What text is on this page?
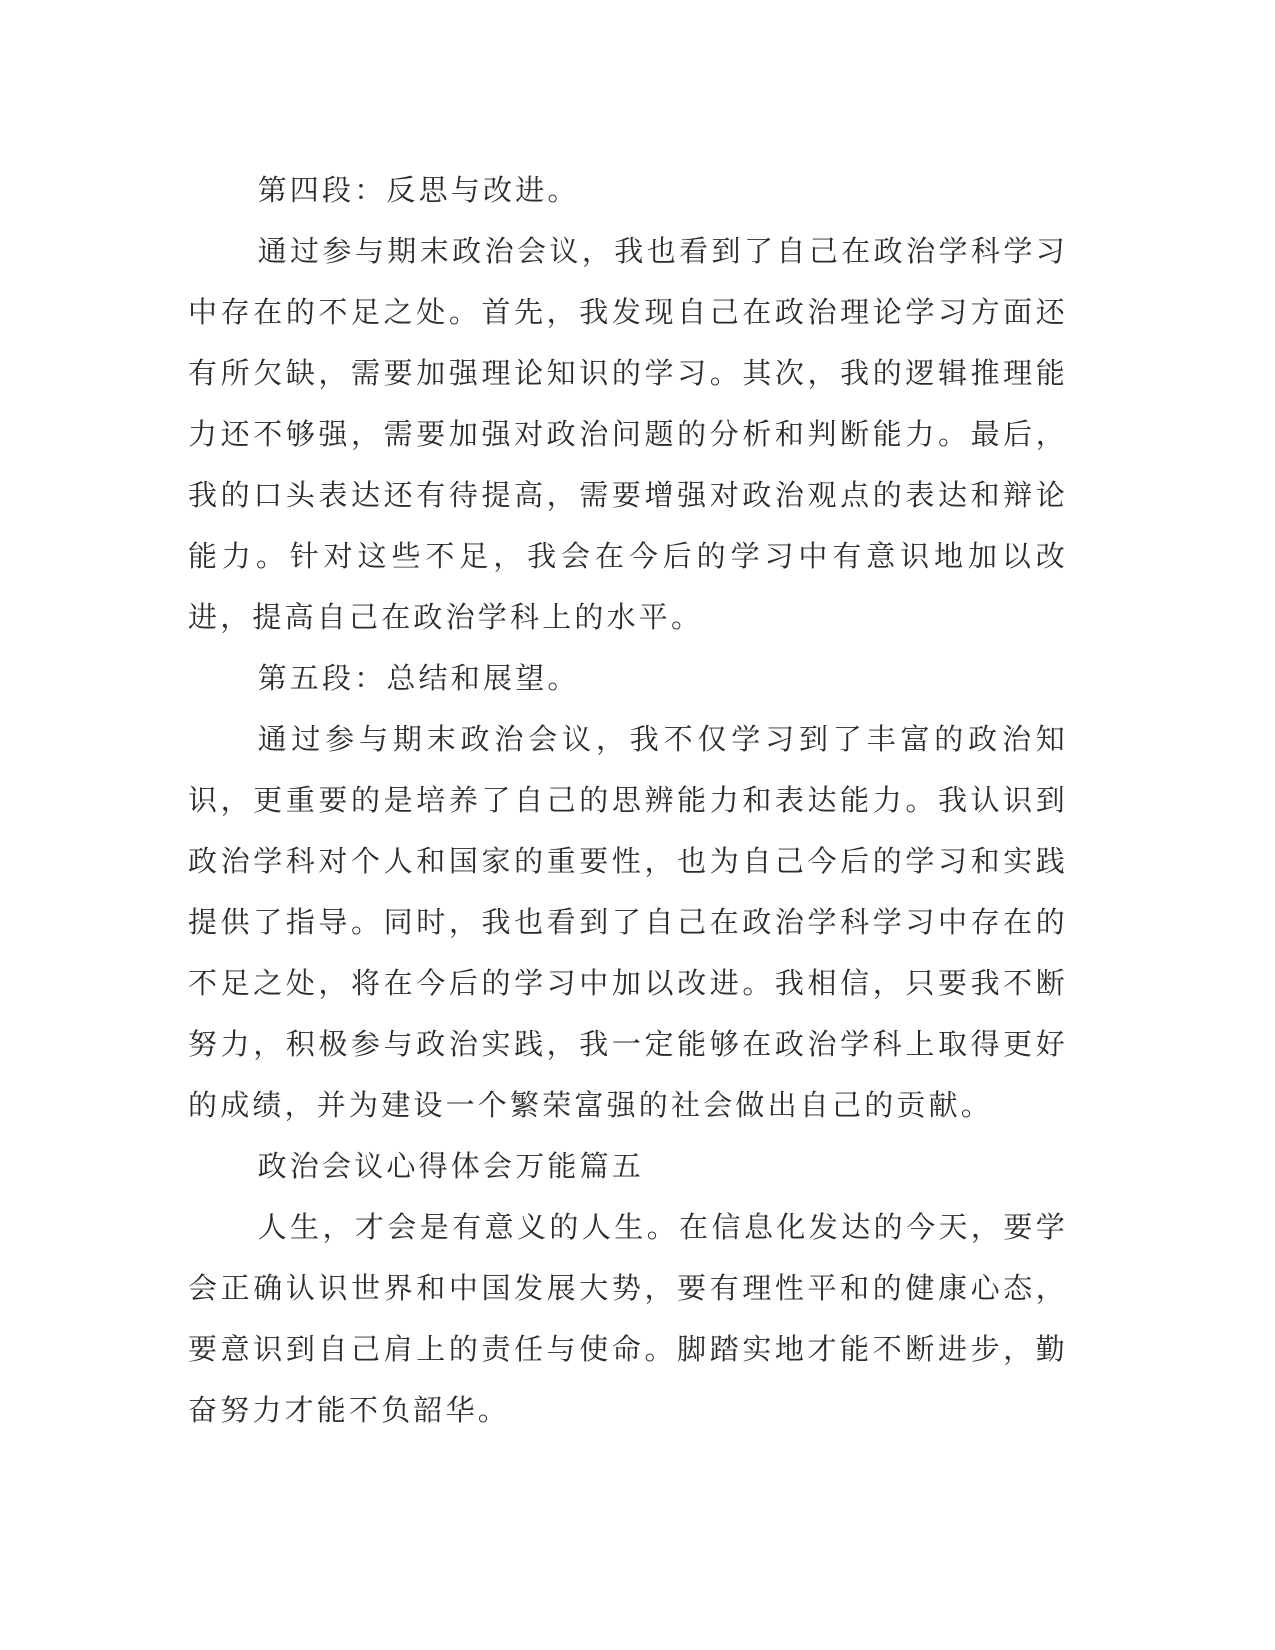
第四段：反思与改进。

通过参与期末政治会议，我也看到了自己在政治学科学习中存在的不足之处。首先，我发现自己在政治理论学习方面还有所欠缺，需要加强理论知识的学习。其次，我的逻辑推理能力还不够强，需要加强对政治问题的分析和判断能力。最后，我的口头表达还有待提高，需要增强对政治观点的表达和辩论能力。针对这些不足，我会在今后的学习中有意识地加以改进，提高自己在政治学科上的水平。

第五段：总结和展望。

通过参与期末政治会议，我不仅学习到了丰富的政治知识，更重要的是培养了自己的思辨能力和表达能力。我认识到政治学科对个人和国家的重要性，也为自己今后的学习和实践提供了指导。同时，我也看到了自己在政治学科学习中存在的不足之处，将在今后的学习中加以改进。我相信，只要我不断努力，积极参与政治实践，我一定能够在政治学科上取得更好的成绩，并为建设一个繁荣富强的社会做出自己的贡献。

政治会议心得体会万能篇五

人生，才会是有意义的人生。在信息化发达的今天，要学会正确认识世界和中国发展大势，要有理性平和的健康心态，要意识到自己肩上的责任与使命。脚踏实地才能不断进步，勤奋努力才能不负韶华。
